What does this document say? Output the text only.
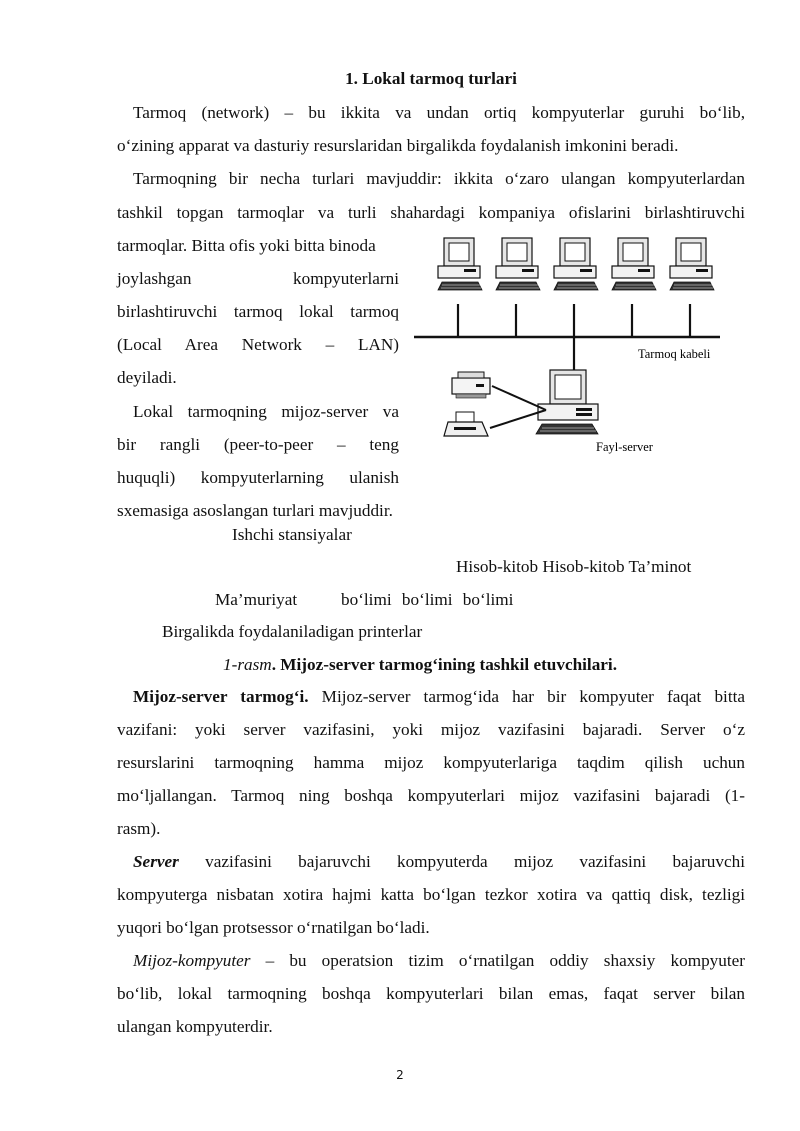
1. Lokal tarmoq turlari
Tarmoq (network) – bu ikkita va undan ortiq kompyuterlar guruhi bo‘lib,
o‘zining apparat va dasturiy resurslaridan birgalikda foydalanish imkonini beradi.
Tarmoqning bir necha turlari mavjuddir: ikkita o‘zaro ulangan kompyuterlardan
tashkil topgan tarmoqlar va turli shahardagi kompaniya ofislarini birlashtiruvchi
tarmoqlar. Bitta ofis yoki bitta binoda
joylashgan kompyuterlarni
birlashtiruvchi tarmoq lokal tarmoq
(Local Area Network – LAN)
deyiladi.
Lokal tarmoqning mijoz-server va
bir rangli (peer-to-peer – teng
huquqli) kompyuterlarning ulanish
sxemasiga asoslangan turlari mavjuddir.
Tarmoq kabeli
Fayl-server
Ishchi stansiyalar
Hisob-kitob Hisob-kitob Ta’minot
Ma’muriyat	bo‘limi bo‘limi bo‘limi
Birgalikda foydalaniladigan printerlar
1-rasm. Mijoz-server tarmog‘ining tashkil etuvchilari.
Mijoz-server tarmog‘i. Mijoz-server tarmog‘ida har bir kompyuter faqat bitta
vazifani: yoki server vazifasini, yoki mijoz vazifasini bajaradi. Server o‘z
resurslarini tarmoqning hamma mijoz kompyuterlariga taqdim qilish uchun
mo‘ljallangan. Tarmoq ning boshqa kompyuterlari mijoz vazifasini bajaradi (1-
rasm).
Server vazifasini bajaruvchi kompyuterda mijoz vazifasini bajaruvchi
kompyuterga nisbatan xotira hajmi katta bo‘lgan tezkor xotira va qattiq disk, tezligi
yuqori bo‘lgan protsessor o‘rnatilgan bo‘ladi.
Mijoz-kompyuter – bu operatsion tizim o‘rnatilgan oddiy shaxsiy kompyuter
bo‘lib, lokal tarmoqning boshqa kompyuterlari bilan emas, faqat server bilan
ulangan kompyuterdir.
2
